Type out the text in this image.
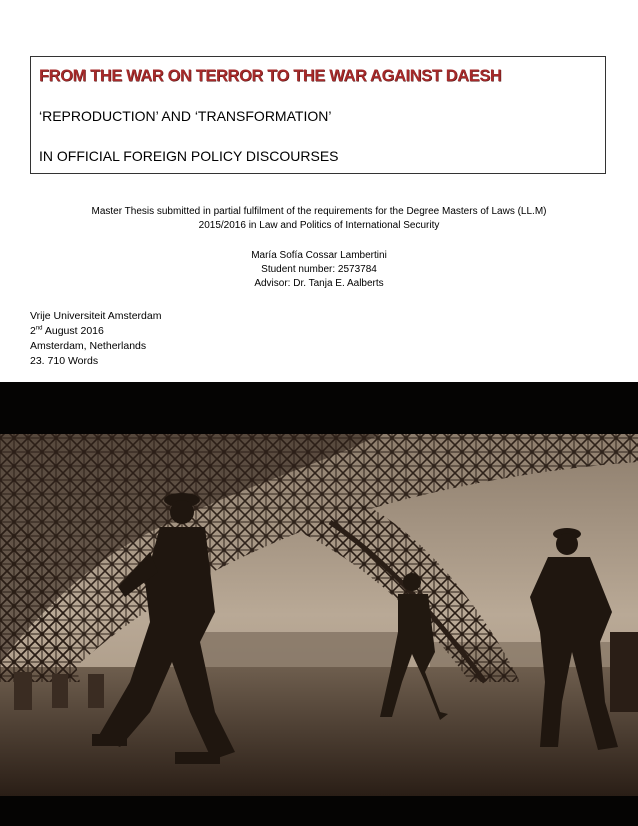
FROM THE WAR ON TERROR TO THE WAR AGAINST DAESH

‘REPRODUCTION’ AND ‘TRANSFORMATION’

IN OFFICIAL FOREIGN POLICY DISCOURSES

Master Thesis submitted in partial fulfilment of the requirements for the Degree Masters of Laws (LL.M)
2015/2016 in Law and Politics of International Security
María Sofía Cossar Lambertini
Student number: 2573784
Advisor: Dr. Tanja E. Aalberts
Vrije Universiteit Amsterdam
2nd August 2016
Amsterdam, Netherlands
23. 710 Words
